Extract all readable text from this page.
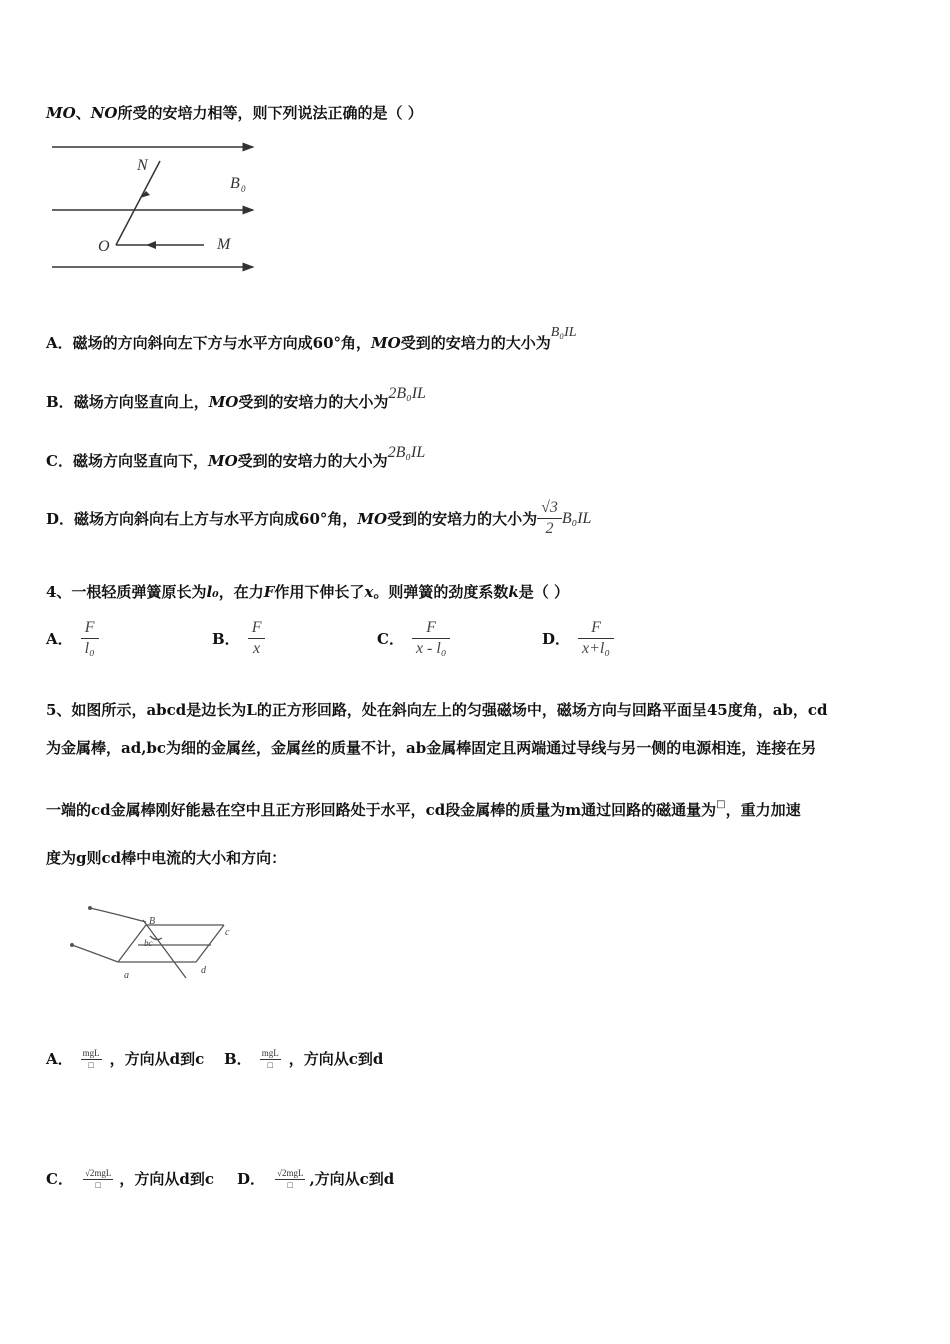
MO、NO所受的安培力相等，则下列说法正确的是（ ）
N
B 0
O	M
A．磁场的方向斜向左下方与水平方向成60°角，MO受到的安培力的大小为B₀IL
B．磁场方向竖直向上，MO受到的安培力的大小为2B₀IL
C．磁场方向竖直向下，MO受到的安培力的大小为2B₀IL
D．磁场方向斜向右上方与水平方向成60°角，MO受到的安培力的大小为 $\frac{√3}{2} B_0IL$
4、一根轻质弹簧原长为l₀，在力F作用下伸长了x。则弹簧的劲度系数k是（ ）
A． $\frac{F}{\text{l₀}}$	B． $\frac{F}{x}$	C． $\frac{F}{\text{x - l₀}}$	D． $\frac{F}{\text{x+l₀}}$
5、如图所示，abcd是边长为L的正方形回路，处在斜向左上的匀强磁场中，磁场方向与回路平面呈45度角，ab，cd
为金属棒，ad,bc为细的金属丝，金属丝的质量不计，ab金属棒固定且两端通过导线与另一侧的电源相连，连接在另
一端的cd金属棒刚好能悬在空中且正方形回路处于水平，cd段金属棒的质量为m通过回路的磁通量为□，重力加速
度为g则cd棒中电流的大小和方向：
B
bc
c
a	d
A． $\frac{\text{mgL}}{□}$ ，方向从d到c B． $\frac{\text{mgL}}{□}$ ，方向从c到d
C． $\frac{\text{√2mgL}}{□}$ ，方向从d到c D． $\frac{\text{√2mgL}}{□}$ ,方向从c到d
